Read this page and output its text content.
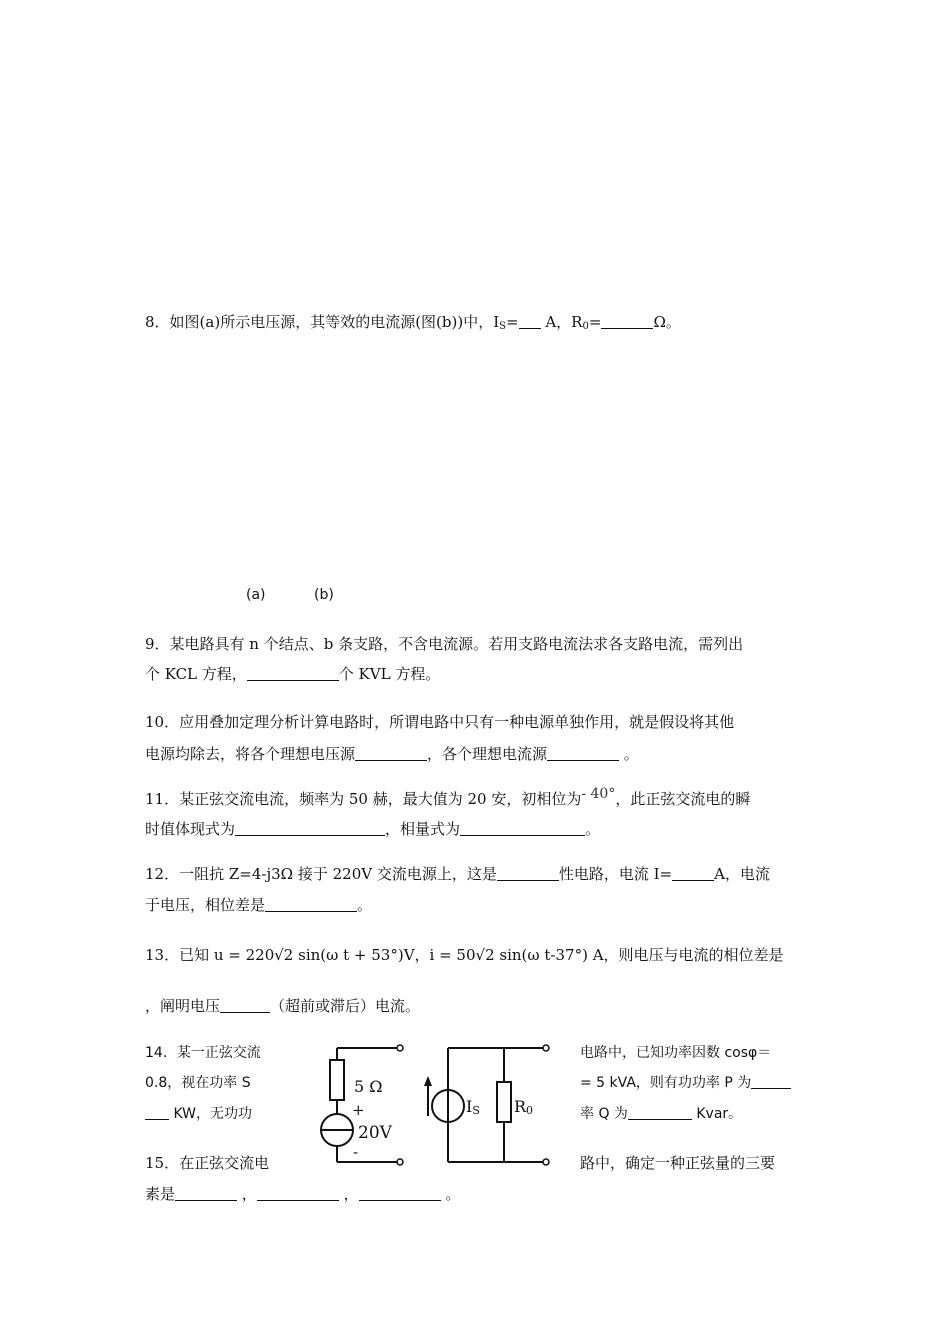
8．如图(a)所示电压源，其等效的电流源(图(b))中，$I_S= A$，$R_0=$	Ω。
(a)	(b)
9．某电路具有 n 个结点、b 条支路，不含电流源。若用支路电流法求各支路电流，需列出
个 KCL 方程，	个 KVL 方程。
10．应用叠加定理分析计算电路时，所谓电路中只有一种电源单独作用，就是假设将其他
电源均除去，将各个理想电压源	，各个理想电流源	。
11．某正弦交流电流，频率为 50 赫，最大值为 20 安，初相位为- 40°，此正弦交流电的瞬
时值体现式为	，相量式为	。
12．一阻抗 Z=4-j3Ω 接于 220V 交流电源上，这是	性电路，电流 I=	A，电流
于电压，相位差是	。
13．已知 u = 220√2 sin(ω t + 53°)V，i = 50√2 sin(ω t-37°) A，则电压与电流的相位差是
，阐明电压	（超前或滞后）电流。
14．某一正弦交流
0.8，视在功率 S
KW，无功功
电路中，已知功率因数 cosφ＝
= 5 kVA，则有功功率 P 为
率 Q 为	Kvar。
15．在正弦交流电	路中，确定一种正弦量的三要
素是	，	，	。
5 Ω
+
20V
-
IS R0
